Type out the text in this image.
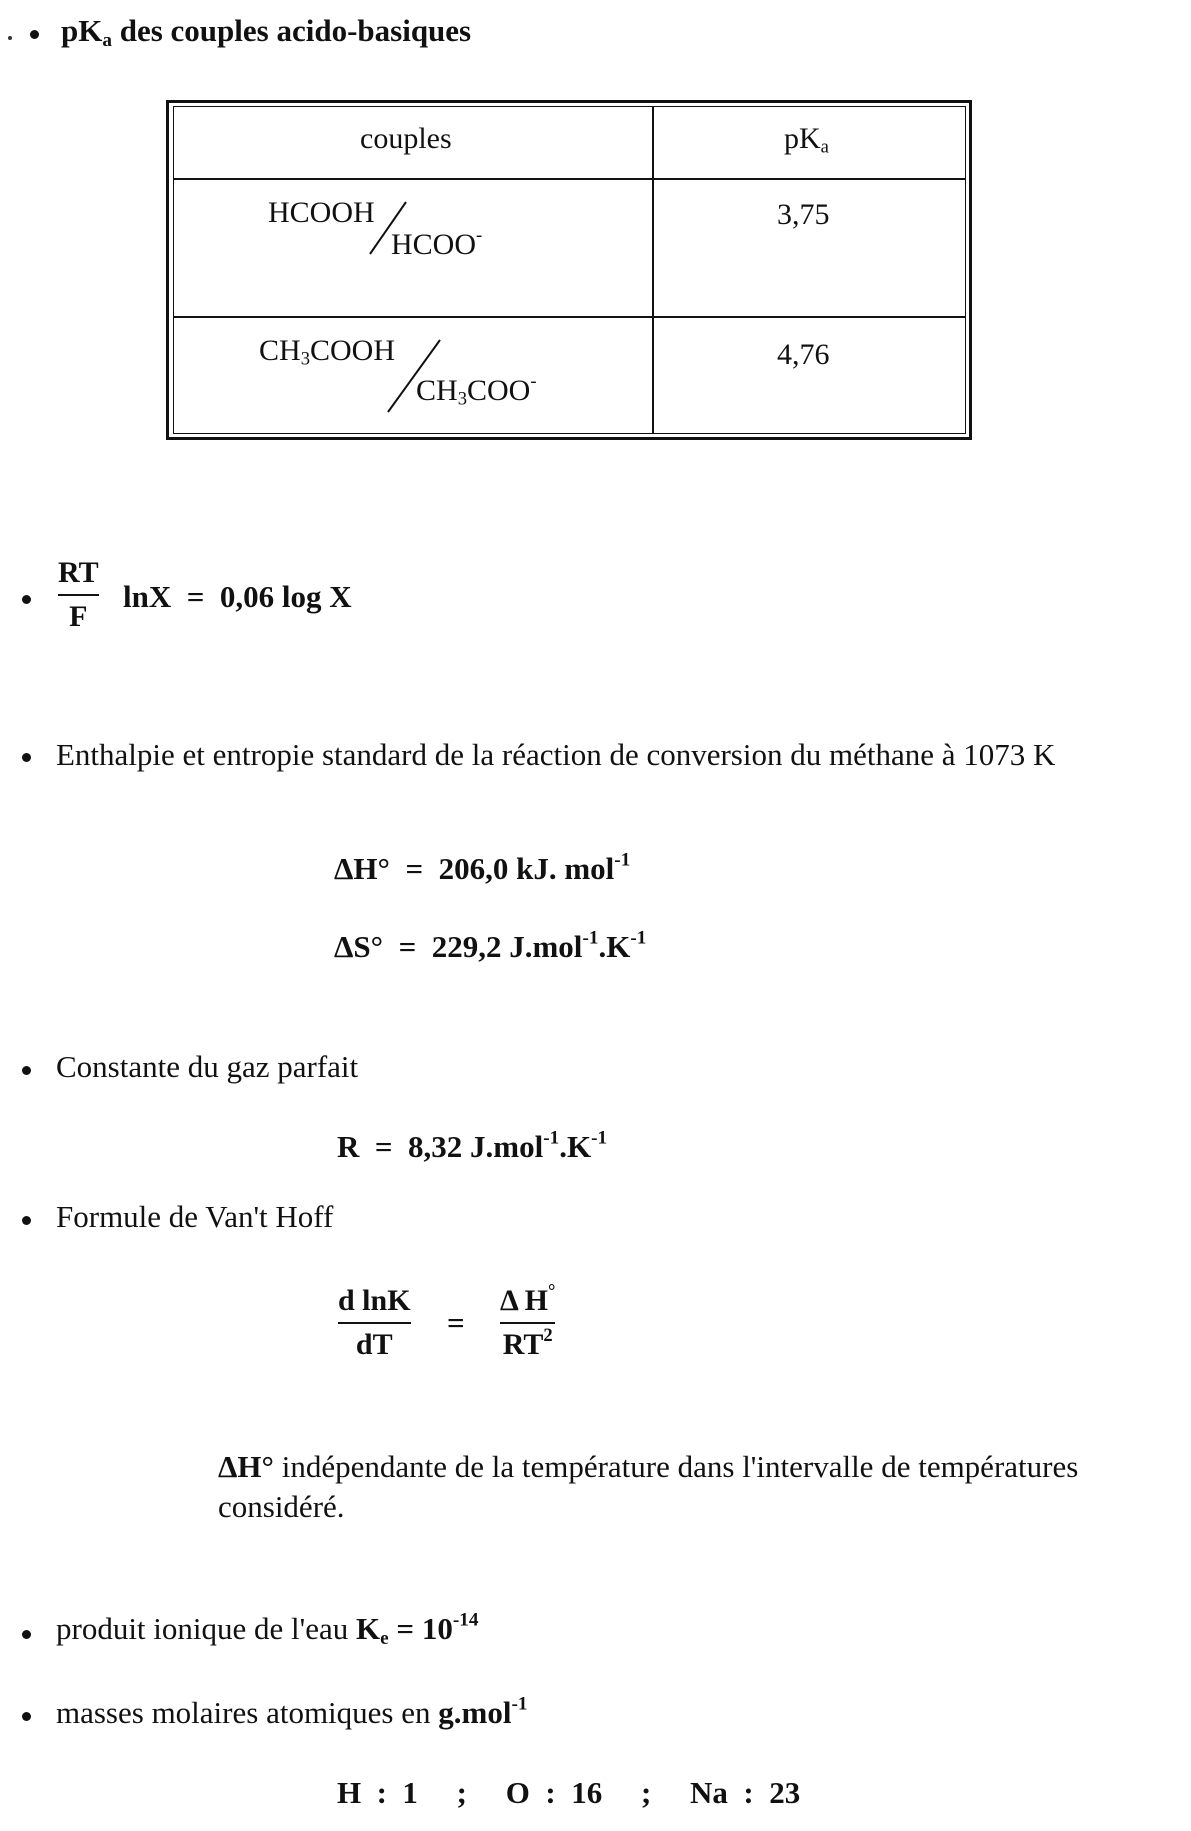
$pK_a$ des couples acido-basiques
couples	$pK_a$
HCOOH
HCOO-
3,75
$CH_3COOH$
$CH_3COO^-$
4,76
RT
F
lnX  =  0,06 log X
Enthalpie et entropie standard de la réaction de conversion du méthane à 1073 K
ΔH°  =  206,0 kJ. mol$^{-1}$
ΔS°  =  229,2 $J.mol^{-1}.K^{-1}$
Constante du gaz parfait
R  =  8,32 $J.mol^{-1}.K^{-1}$
Formule de Van't Hoff
d lnK
dT
=
Δ H°
$RT^2$
ΔH° indépendante de la température dans l'intervalle de températures
considéré.
produit ionique de l'eau $K_e = 10^{-14}$
masses molaires atomiques en g.mol$^{-1}$
H  :  1     ;     O  :  16     ;     Na  :  23
